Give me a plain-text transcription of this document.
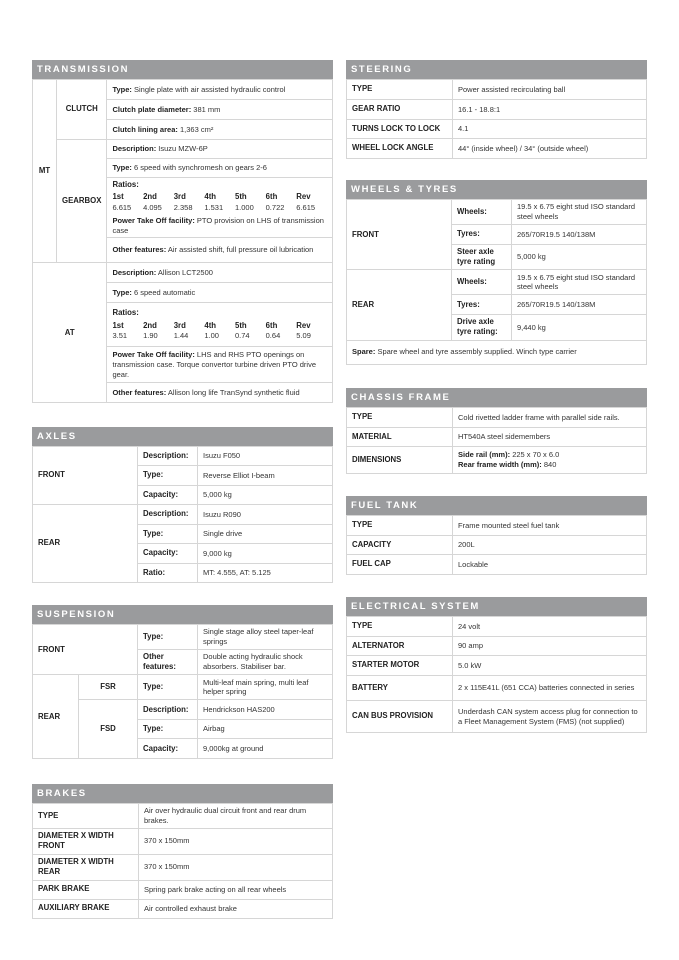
TRANSMISSION
MT	CLUTCH	Type: Single plate with air assisted hydraulic control
Clutch plate diameter: 381 mm
Clutch lining area: 1,363 cm²
GEARBOX	Description: Isuzu MZW-6P
Type: 6 speed with synchromesh on gears 2-6

Ratios:
1st	2nd	3rd	4th	5th	6th	Rev
6.615	4.095	2.358	1.531	1.000	0.722	6.615
Power Take Off facility: PTO provision on LHS of transmission case

Other features: Air assisted shift, full pressure oil lubrication
AT	Description: Allison LCT2500
Type: 6 speed automatic

Ratios:
1st	2nd	3rd	4th	5th	6th	Rev
3.51	1.90	1.44	1.00	0.74	0.64	5.09

Power Take Off facility: LHS and RHS PTO openings on transmission case. Torque convertor turbine driven PTO drive gear.
Other features: Allison long life TranSynd synthetic fluid
AXLES
FRONT	Description:	Isuzu F050
	Type:	Reverse Elliot I-beam
	Capacity:	5,000 kg
REAR	Description:	Isuzu R090
	Type:	Single drive
	Capacity:	9,000 kg
	Ratio:	MT: 4.555, AT: 5.125
SUSPENSION
FRONT		Type:	Single stage alloy steel taper-leaf springs
		Other features:	Double acting hydraulic shock absorbers. Stabiliser bar.
REAR	FSR	Type:	Multi-leaf main spring, multi leaf helper spring
	FSD	Description:	Hendrickson HAS200
		Type:	Airbag
		Capacity:	9,000kg at ground
BRAKES
TYPE	Air over hydraulic dual circuit front and rear drum brakes.
DIAMETER X WIDTH FRONT	370 x 150mm
DIAMETER X WIDTH REAR	370 x 150mm
PARK BRAKE	Spring park brake acting on all rear wheels
AUXILIARY BRAKE	Air controlled exhaust brake
STEERING
TYPE	Power assisted recirculating ball
GEAR RATIO	16.1 - 18.8:1
TURNS LOCK TO LOCK	4.1
WHEEL LOCK ANGLE	44° (inside wheel) / 34° (outside wheel)
WHEELS & TYRES
FRONT	Wheels:	19.5 x 6.75 eight stud ISO standard steel wheels
	Tyres:	265/70R19.5 140/138M
	Steer axle tyre rating	5,000 kg
REAR	Wheels:	19.5 x 6.75 eight stud ISO standard steel wheels
	Tyres:	265/70R19.5 140/138M
	Drive axle tyre rating:	9,440 kg
Spare: Spare wheel and tyre assembly supplied. Winch type carrier		
CHASSIS FRAME
TYPE	Cold rivetted ladder frame with parallel side rails.
MATERIAL	HT540A steel sidemembers
DIMENSIONS	Side rail (mm): 225 x 70 x 6.0
Rear frame width (mm): 840
FUEL TANK
TYPE	Frame mounted steel fuel tank
CAPACITY	200L
FUEL CAP	Lockable
ELECTRICAL SYSTEM
TYPE	24 volt
ALTERNATOR	90 amp
STARTER MOTOR	5.0 kW
BATTERY	2 x 115E41L (651 CCA) batteries connected in series
CAN BUS PROVISION	Underdash CAN system access plug for connection to a Fleet Management System (FMS) (not supplied)
